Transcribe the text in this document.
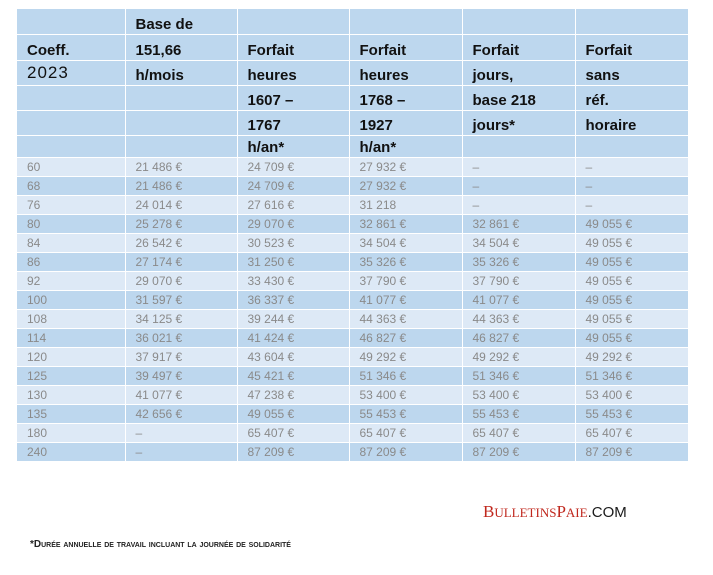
	Base de				
Coeff.	151,66	Forfait	Forfait	Forfait	Forfait
2023	h/mois	heures	heures	jours,	sans
		1607 –	1768 –	base 218	réf.
		1767	1927	jours*	horaire
		h/an*	h/an*		
60	21 486 €	24 709 €	27 932 €	–	–
68	21 486 €	24 709 €	27 932 €	–	–
76	24 014 €	27 616 €	31 218	–	–
80	25 278 €	29 070 €	32 861 €	32 861 €	49 055 €
84	26 542 €	30 523 €	34 504 €	34 504 €	49 055 €
86	27 174 €	31 250 €	35 326 €	35 326 €	49 055 €
92	29 070 €	33 430 €	37 790 €	37 790 €	49 055 €
100	31 597 €	36 337 €	41 077 €	41 077 €	49 055 €
108	34 125 €	39 244 €	44 363 €	44 363 €	49 055 €
114	36 021 €	41 424 €	46 827 €	46 827 €	49 055 €
120	37 917 €	43 604 €	49 292 €	49 292 €	49 292 €
125	39 497 €	45 421 €	51 346 €	51 346 €	51 346 €
130	41 077 €	47 238 €	53 400 €	53 400 €	53 400 €
135	42 656 €	49 055 €	55 453 €	55 453 €	55 453 €
180	–	65 407 €	65 407 €	65 407 €	65 407 €
240	–	87 209 €	87 209 €	87 209 €	87 209 €
BULLETINSPAIE.COM
*Durée annuelle de travail incluant la journée de solidarité
